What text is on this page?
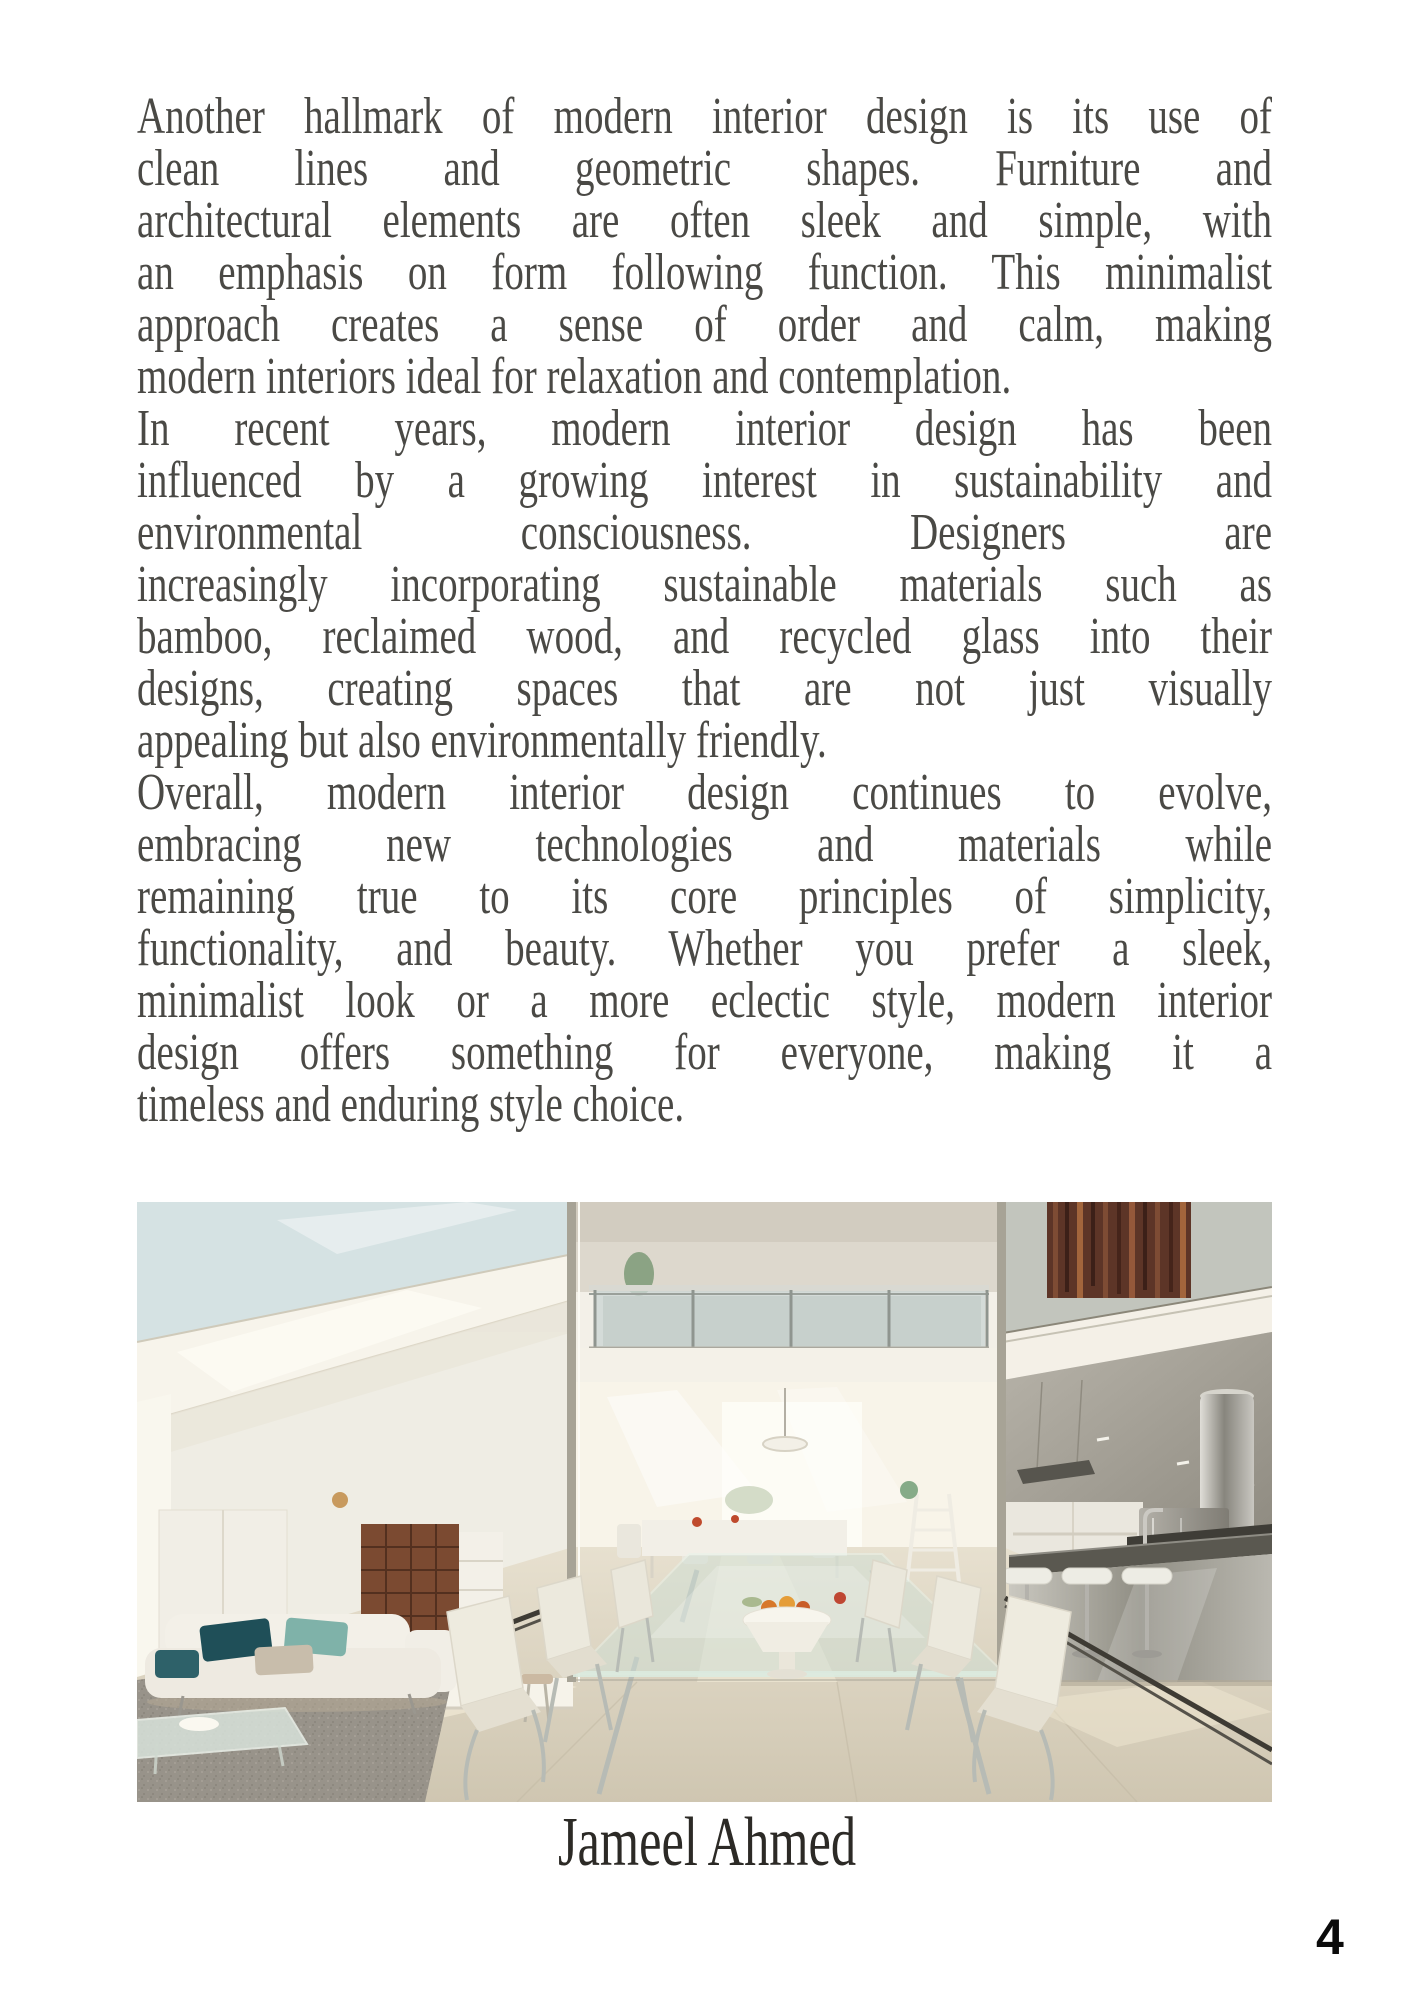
Another hallmark of modern interior design is its use of
clean lines and geometric shapes. Furniture and
architectural elements are often sleek and simple, with
an emphasis on form following function. This minimalist
approach creates a sense of order and calm, making
modern interiors ideal for relaxation and contemplation.
In recent years, modern interior design has been
influenced by a growing interest in sustainability and
environmental consciousness. Designers are
increasingly incorporating sustainable materials such as
bamboo, reclaimed wood, and recycled glass into their
designs, creating spaces that are not just visually
appealing but also environmentally friendly.
Overall, modern interior design continues to evolve,
embracing new technologies and materials while
remaining true to its core principles of simplicity,
functionality, and beauty. Whether you prefer a sleek,
minimalist look or a more eclectic style, modern interior
design offers something for everyone, making it a
timeless and enduring style choice.
Jameel Ahmed
4
